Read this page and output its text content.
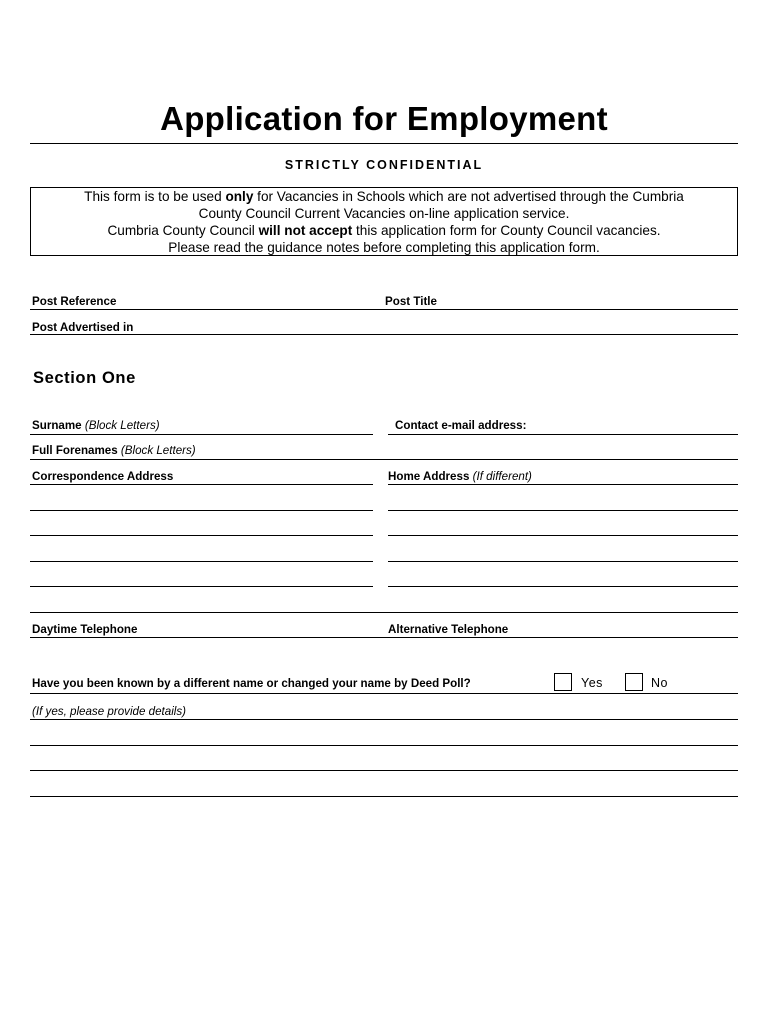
Application for Employment
STRICTLY CONFIDENTIAL

This form is to be used only for Vacancies in Schools which are not advertised through the Cumbria

County Council Current Vacancies on-line application service.

Cumbria County Council will not accept this application form for County Council vacancies.

Please read the guidance notes before completing this application form.

Post Reference	Post Title
Post Advertised in
Section One
Surname (Block Letters)	Contact e-mail address:
Full Forenames (Block Letters)
Correspondence Address	Home Address (If different)
Daytime Telephone	Alternative Telephone
Have you been known by a different name or changed your name by Deed Poll?	Yes	No
(If yes, please provide details)
